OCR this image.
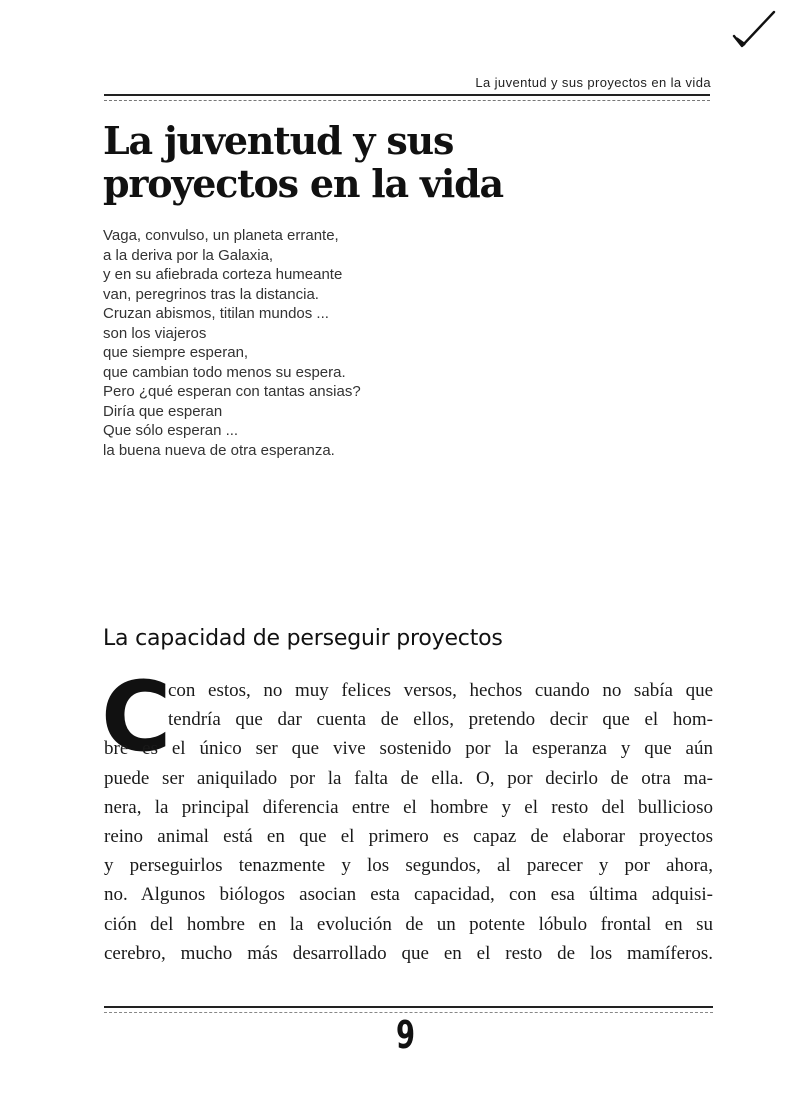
La juventud y sus proyectos en la vida
La juventud y sus
proyectos en la vida
Vaga, convulso, un planeta errante,
a la deriva por la Galaxia,
y en su afiebrada corteza humeante
van, peregrinos tras la distancia.
Cruzan abismos, titilan mundos ...
son los viajeros
que siempre esperan,
que cambian todo menos su espera.
Pero ¿qué esperan con tantas ansias?
Diría que esperan
Que sólo esperan ...
la buena nueva de otra esperanza.
La capacidad de perseguir proyectos
C
con estos, no muy felices versos, hechos cuando no sabía que
tendría que dar cuenta de ellos, pretendo decir que el hom-
bre es el único ser que vive sostenido por la esperanza y que aún
puede ser aniquilado por la falta de ella. O, por decirlo de otra ma-
nera, la principal diferencia entre el hombre y el resto del bullicioso
reino animal está en que el primero es capaz de elaborar proyectos
y perseguirlos tenazmente y los segundos, al parecer y por ahora,
no. Algunos biólogos asocian esta capacidad, con esa última adquisi-
ción del hombre en la evolución de un potente lóbulo frontal en su
cerebro, mucho más desarrollado que en el resto de los mamíferos.
9
